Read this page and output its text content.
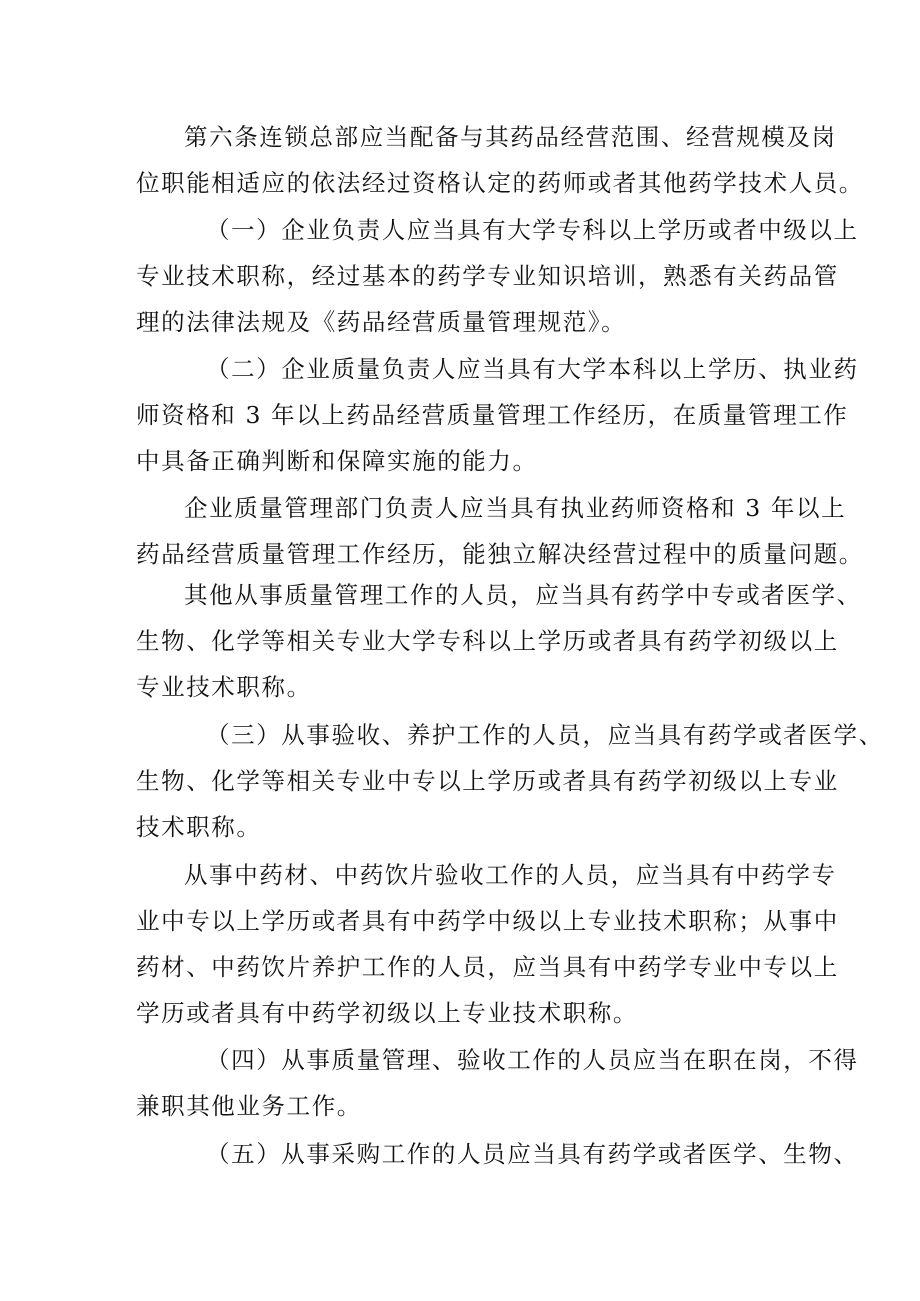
第六条连锁总部应当配备与其药品经营范围、经营规模及岗
位职能相适应的依法经过资格认定的药师或者其他药学技术人员。
（一）企业负责人应当具有大学专科以上学历或者中级以上
专业技术职称，经过基本的药学专业知识培训，熟悉有关药品管
理的法律法规及《药品经营质量管理规范》。
（二）企业质量负责人应当具有大学本科以上学历、执业药
师资格和 3 年以上药品经营质量管理工作经历，在质量管理工作
中具备正确判断和保障实施的能力。
企业质量管理部门负责人应当具有执业药师资格和 3 年以上
药品经营质量管理工作经历，能独立解决经营过程中的质量问题。
其他从事质量管理工作的人员，应当具有药学中专或者医学、
生物、化学等相关专业大学专科以上学历或者具有药学初级以上
专业技术职称。
（三）从事验收、养护工作的人员，应当具有药学或者医学、
生物、化学等相关专业中专以上学历或者具有药学初级以上专业
技术职称。
从事中药材、中药饮片验收工作的人员，应当具有中药学专
业中专以上学历或者具有中药学中级以上专业技术职称；从事中
药材、中药饮片养护工作的人员，应当具有中药学专业中专以上
学历或者具有中药学初级以上专业技术职称。
（四）从事质量管理、验收工作的人员应当在职在岗，不得
兼职其他业务工作。
（五）从事采购工作的人员应当具有药学或者医学、生物、
